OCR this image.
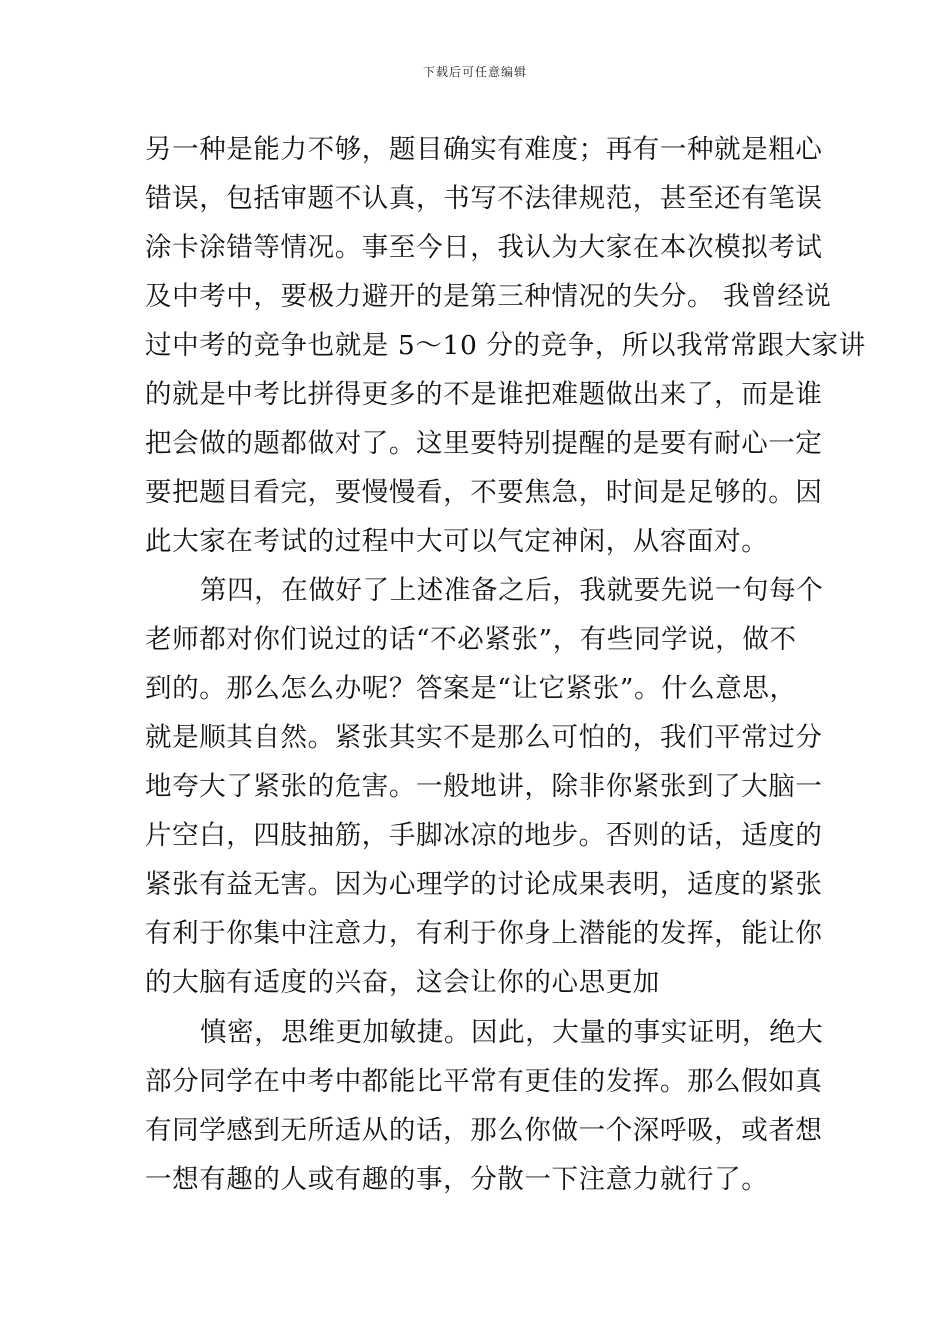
下载后可任意编辑
另一种是能力不够，题目确实有难度；再有一种就是粗心
错误，包括审题不认真，书写不法律规范，甚至还有笔误
涂卡涂错等情况。事至今日，我认为大家在本次模拟考试
及中考中，要极力避开的是第三种情况的失分。 我曾经说
过中考的竞争也就是 5～10 分的竞争，所以我常常跟大家讲
的就是中考比拼得更多的不是谁把难题做出来了，而是谁
把会做的题都做对了。这里要特别提醒的是要有耐心一定
要把题目看完，要慢慢看，不要焦急，时间是足够的。因
此大家在考试的过程中大可以气定神闲，从容面对。
第四，在做好了上述准备之后，我就要先说一句每个
老师都对你们说过的话“不必紧张”，有些同学说，做不
到的。那么怎么办呢？答案是“让它紧张”。什么意思，
就是顺其自然。紧张其实不是那么可怕的，我们平常过分
地夸大了紧张的危害。一般地讲，除非你紧张到了大脑一
片空白，四肢抽筋，手脚冰凉的地步。否则的话，适度的
紧张有益无害。因为心理学的讨论成果表明，适度的紧张
有利于你集中注意力，有利于你身上潜能的发挥，能让你
的大脑有适度的兴奋，这会让你的心思更加
慎密，思维更加敏捷。因此，大量的事实证明，绝大
部分同学在中考中都能比平常有更佳的发挥。那么假如真
有同学感到无所适从的话，那么你做一个深呼吸，或者想
一想有趣的人或有趣的事，分散一下注意力就行了。
